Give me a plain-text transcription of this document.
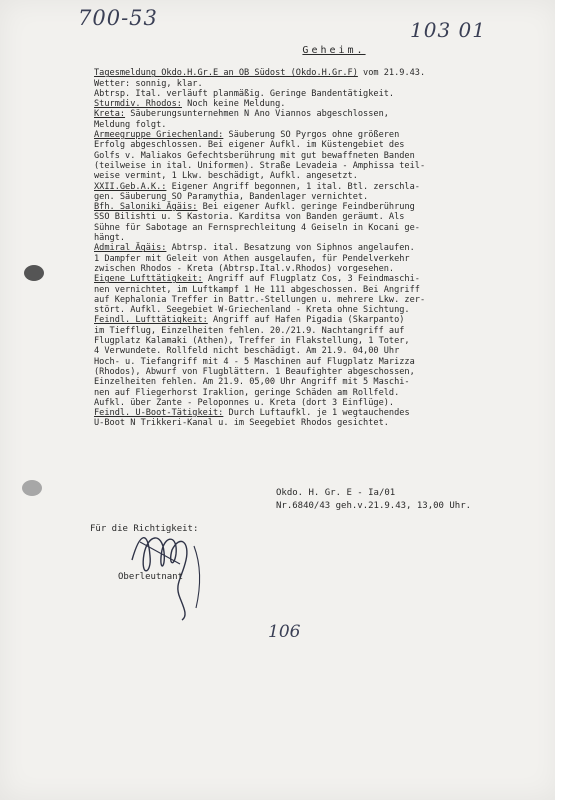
700-53	103 01
Geheim.
Tagesmeldung Okdo.H.Gr.E an OB Südost (Okdo.H.Gr.F) vom 21.9.43.
Wetter: sonnig, klar.
Abtrsp. Ital. verläuft planmäßig. Geringe Bandentätigkeit.
Sturmdiv. Rhodos: Noch keine Meldung.
Kreta: Säuberungsunternehmen N Ano Viannos abgeschlossen,
Meldung folgt.
Armeegruppe Griechenland: Säuberung SO Pyrgos ohne größeren
Erfolg abgeschlossen. Bei eigener Aufkl. im Küstengebiet des
Golfs v. Maliakos Gefechtsberührung mit gut bewaffneten Banden
(teilweise in ital. Uniformen). Straße Levadeia - Amphissa teil-
weise vermint, 1 Lkw. beschädigt, Aufkl. angesetzt.
XXII.Geb.A.K.: Eigener Angriff begonnen, 1 ital. Btl. zerschla-
gen. Säuberung SO Paramythia, Bandenlager vernichtet.
Bfh. Saloniki Ägäis: Bei eigener Aufkl. geringe Feindberührung
SSO Bilishti u. S Kastoria. Karditsa von Banden geräumt. Als
Sühne für Sabotage an Fernsprechleitung 4 Geiseln in Kocani ge-
hängt.
Admiral Ägäis: Abtrsp. ital. Besatzung von Siphnos angelaufen.
1 Dampfer mit Geleit von Athen ausgelaufen, für Pendelverkehr
zwischen Rhodos - Kreta (Abtrsp.Ital.v.Rhodos) vorgesehen.
Eigene Lufttätigkeit: Angriff auf Flugplatz Cos, 3 Feindmaschi-
nen vernichtet, im Luftkampf 1 He 111 abgeschossen. Bei Angriff
auf Kephalonia Treffer in Battr.-Stellungen u. mehrere Lkw. zer-
stört. Aufkl. Seegebiet W-Griechenland - Kreta ohne Sichtung.
Feindl. Lufttätigkeit: Angriff auf Hafen Pigadia (Skarpanto)
im Tiefflug, Einzelheiten fehlen. 20./21.9. Nachtangriff auf
Flugplatz Kalamaki (Athen), Treffer in Flakstellung, 1 Toter,
4 Verwundete. Rollfeld nicht beschädigt. Am 21.9. 04,00 Uhr
Hoch- u. Tiefangriff mit 4 - 5 Maschinen auf Flugplatz Marizza
(Rhodos), Abwurf von Flugblättern. 1 Beaufighter abgeschossen,
Einzelheiten fehlen. Am 21.9. 05,00 Uhr Angriff mit 5 Maschi-
nen auf Fliegerhorst Iraklion, geringe Schäden am Rollfeld.
Aufkl. über Zante - Peloponnes u. Kreta (dort 3 Einflüge).
Feindl. U-Boot-Tätigkeit: Durch Luftaufkl. je 1 wegtauchendes
U-Boot N Trikkeri-Kanal u. im Seegebiet Rhodos gesichtet.
Okdo. H. Gr. E - Ia/01
Nr.6840/43 geh.v.21.9.43, 13,00 Uhr.
Für die Richtigkeit:
Oberleutnant
106
